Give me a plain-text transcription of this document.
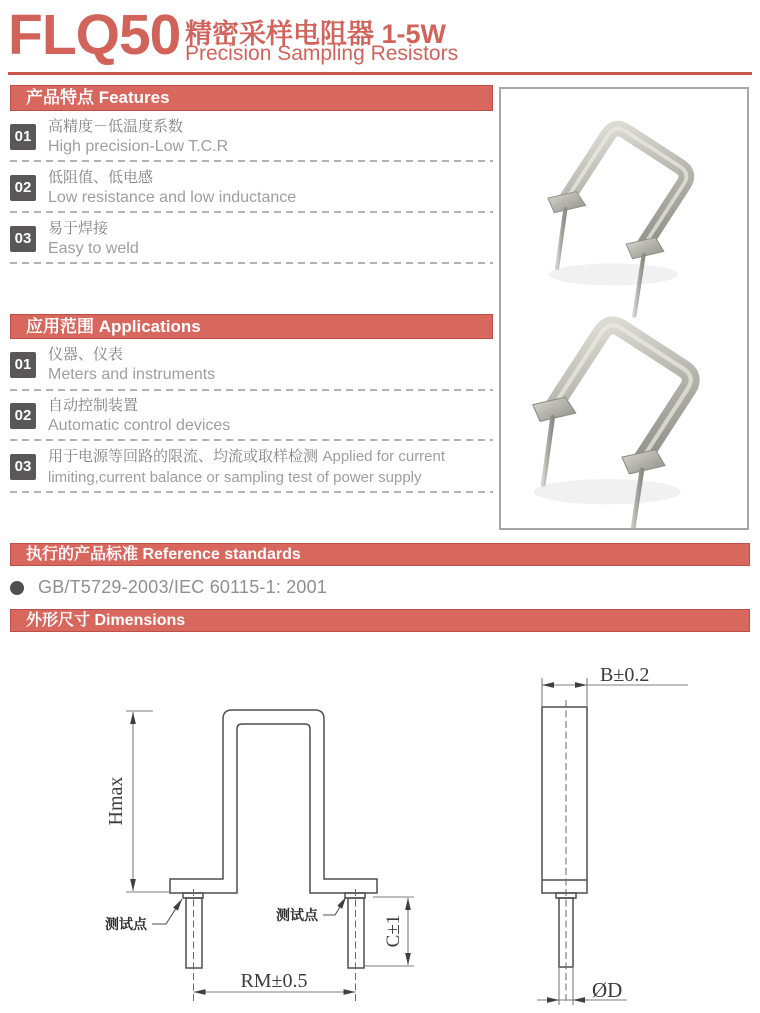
FLQ50 精密采样电阻器 1-5W
Precision Sampling Resistors
产品特点 Features
01
高精度－低温度系数
High precision-Low T.C.R
02
低阻值、低电感
Low resistance and low inductance
03
易于焊接
Easy to weld
应用范围 Applications
01
仪器、仪表
Meters and instruments
02
自动控制装置
Automatic control devices
03
用于电源等回路的限流、均流或取样检测 Applied for current
limiting,current balance or sampling test of power supply
执行的产品标准 Reference standards
GB/T5729-2003/IEC 60115-1: 2001
外形尺寸 Dimensions
Hmax
RM±0.5
C±1
测试点
测试点
B±0.2
ØD
